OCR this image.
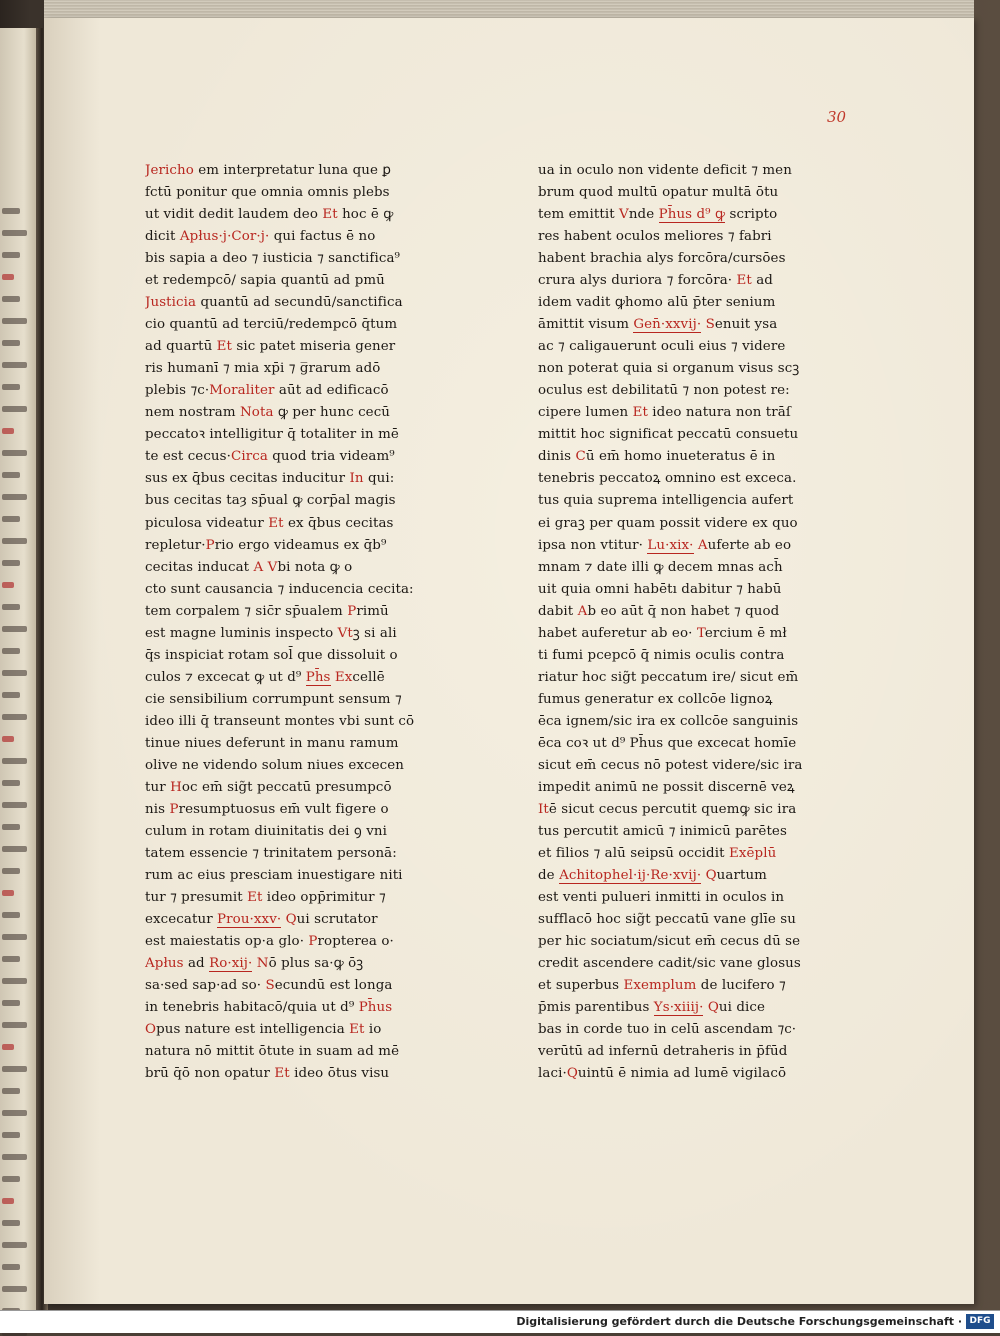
30
Jericho em interpretatur luna que ꝑ
fctū ponitur que omnia omnis plebs
ut vidit dedit laudem deo Et hoc ē ꝙ
dicit Apłus·j·Cor·j· qui factus ē no
bis sapia a deo ⁊ iusticia ⁊ sanctifica⁹
et redempcō/ sapia quantū ad pmū
Justicia quantū ad secundū/sanctifica
cio quantū ad terciū/redempcō q̄tum
ad quartū Et sic patet miseria gener
ris humanī ⁊ mia xp̄i ⁊ g̅rarum adō
plebis ⁊c·Moraliter aūt ad edificacō
nem nostram Nota ꝙ per hunc cecū
peccatoꝛ intelligitur q̄ totaliter in mē
te est cecus·Circa quod tria videam⁹
sus ex q̄bus cecitas inducitur In qui:
bus cecitas taȝ sp̄ual ꝙ corp̄al magis
piculosa videatur Et ex q̄bus cecitas
repletur·Prio ergo videamus ex q̄b⁹
cecitas inducat A Vbi nota ꝙ o
cto sunt causancia ⁊ inducencia cecita:
tem corpalem ⁊ sic̄r sp̄ualem Primū
est magne luminis inspecto Vtꝫ si ali
q̄s inspiciat rotam sol̄ que dissoluit o
culos ⁊ excecat ꝙ ut d⁹ Ph̄s Excellē
cie sensibilium corrumpunt sensum ⁊
ideo illi q̄ transeunt montes vbi sunt cō
tinue niues deferunt in manu ramum
olive ne videndo solum niues excecen
tur Hoc em̄ sig̃t peccatū presumpcō
nis Presumptuosus em̄ vult figere o
culum in rotam diuinitatis dei ꝯ vni
tatem essencie ⁊ trinitatem personā:
rum ac eius presciam inuestigare niti
tur ⁊ presumit Et ideo opp̄rimitur ⁊
excecatur Prou·xxv· Qui scrutator
est maiestatis op·a glo· Propterea o·
Apłus ad Ro·xij· Nō plus sa·ꝙ ōꝫ
sa·sed sap·ad so· Secundū est longa
in tenebris habitacō/quia ut d⁹ Ph̄us
Opus nature est intelligencia Et io
natura nō mittit ōtute in suam ad mē
brū q̄ō non opatur Et ideo ōtus visu
ua in oculo non vidente deficit ⁊ men
brum quod multū opatur multā ōtu
tem emittit Vnde Ph̄us d⁹ ꝙ scripto
res habent oculos meliores ⁊ fabri
habent brachia alys forcōra/cursōes
crura alys duriora ⁊ forcōra· Et ad
idem vadit ꝙhomo alū p̄ter senium
āmittit visum Gen̄·xxvij· Senuit ysa
ac ⁊ caligauerunt oculi eius ⁊ videre
non poterat quia si organum visus scꝫ
oculus est debilitatū ⁊ non potest re:
cipere lumen Et ideo natura non trāſ
mittit hoc significat peccatū consuetu
dinis Cū em̄ homo inueteratus ē in
tenebris peccatoꝝ omnino est exceca.
tus quia suprema intelligencia aufert
ei graꝫ per quam possit videre ex quo
ipsa non vtitur· Lu·xix· Auferte ab eo
mnam ⁊ date illi ꝙ decem mnas ach̄
uit quia omni habētı dabitur ⁊ habū
dabit Ab eo aūt q̄ non habet ⁊ quod
habet auferetur ab eo· Tercium ē mł
ti fumi pcepcō q̄ nimis oculis contra
riatur hoc sig̃t peccatum ire/ sicut em̄
fumus generatur ex collcōe lignoꝝ
ēca ignem/sic ira ex collcōe sanguinis
ēca coꝛ ut d⁹ Ph̄us que excecat homīe
sicut em̄ cecus nō potest videre/sic ira
impedit animū ne possit discernē veꝝ
Itē sicut cecus percutit quemꝙ sic ira
tus percutit amicū ⁊ inimicū parētes
et filios ⁊ alū seipsū occidit Exēplū
de Achitophel·ij·Re·xvij· Quartum
est venti pulueri̇ inmitti in oculos in
sufflacō hoc sig̃t peccatū vane glīe su
per hic sociatum/sicut em̄ cecus dū se
credit ascendere cadit/sic vane glosus
et superbus Exemplum de lucifero ⁊
p̄mis parentibus Ys·xiiij· Qui dice
bas in corde tuo in celū ascendam ⁊c·
verūtū ad infernū detraheris in p̄fūd
laci·Quintū ē nimia ad lumē vigilacō
Digitalisierung gefördert durch die Deutsche Forschungsgemeinschaft · DFG
